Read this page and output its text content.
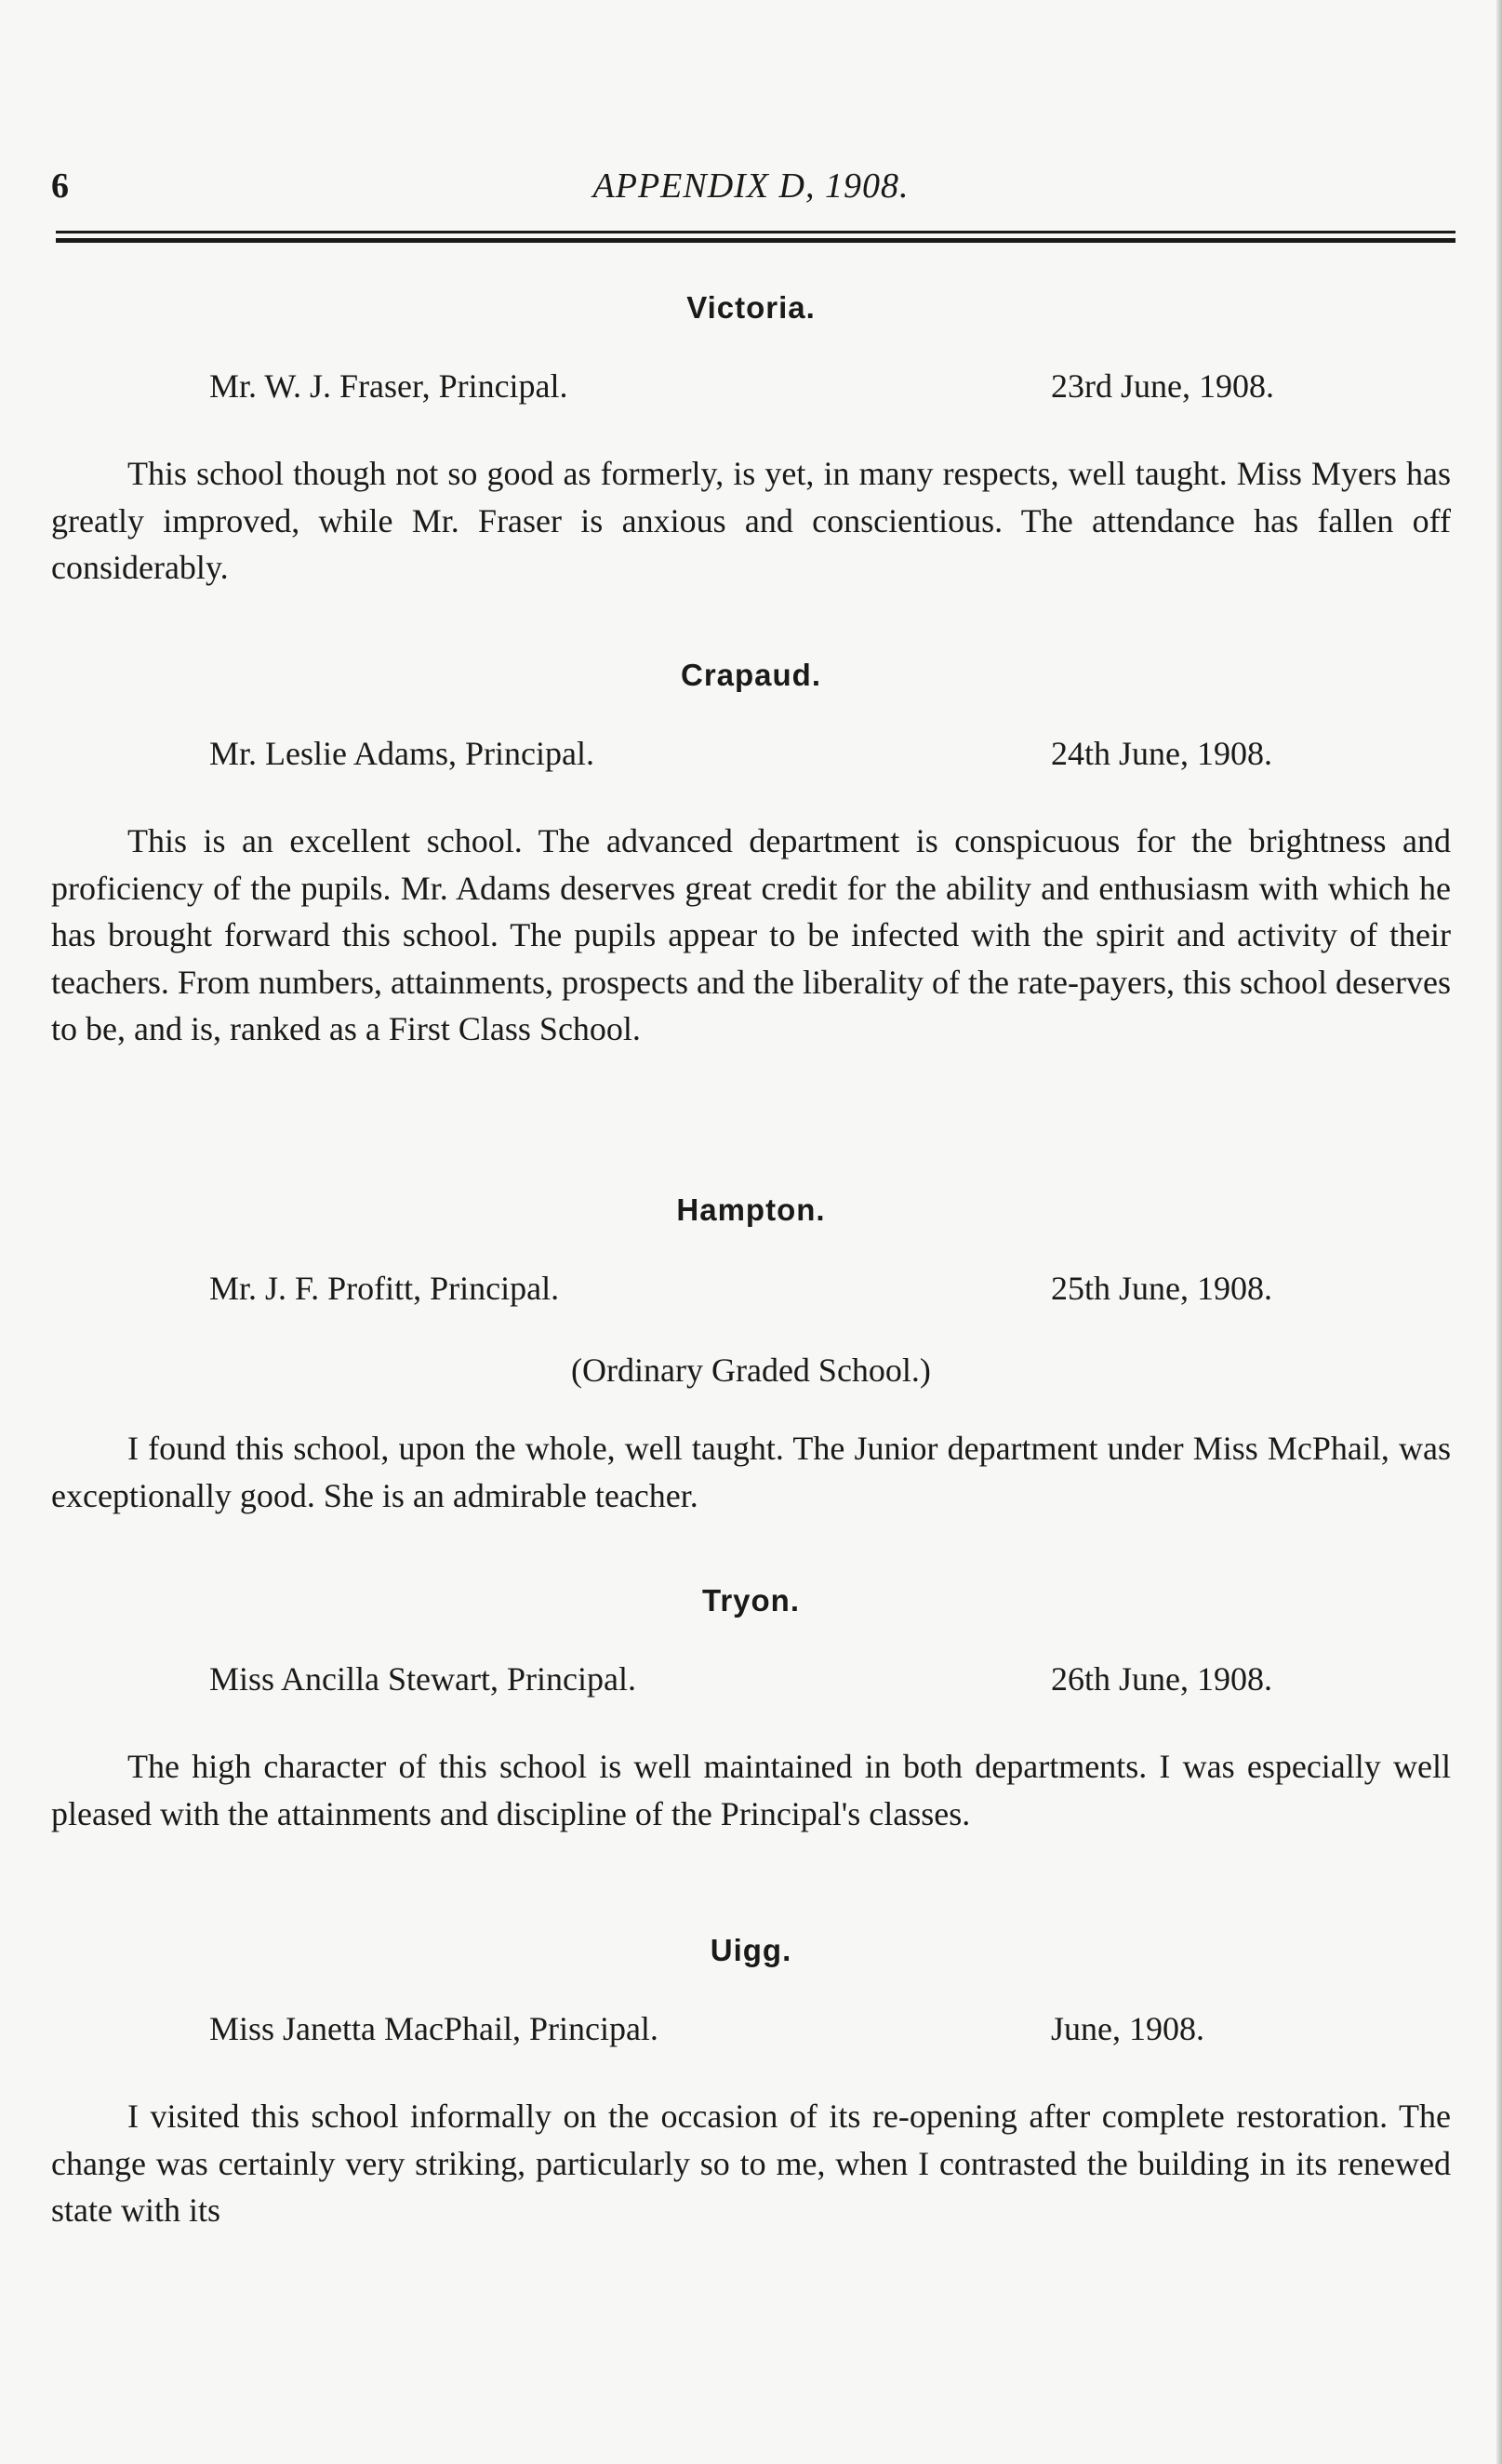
6	APPENDIX D, 1908.
Victoria.
Mr. W. J. Fraser, Principal.	23rd June, 1908.

This school though not so good as formerly, is yet, in many respects, well taught. Miss Myers has greatly improved, while Mr. Fraser is anxious and conscientious. The attendance has fallen off considerably.

Crapaud.
Mr. Leslie Adams, Principal.	24th June, 1908.

This is an excellent school. The advanced department is conspicuous for the brightness and proficiency of the pupils. Mr. Adams deserves great credit for the ability and enthusiasm with which he has brought forward this school. The pupils appear to be infected with the spirit and activity of their teachers. From numbers, attainments, prospects and the liberality of the rate-payers, this school deserves to be, and is, ranked as a First Class School.

Hampton.
Mr. J. F. Profitt, Principal.	25th June, 1908.
(Ordinary Graded School.)

I found this school, upon the whole, well taught. The Junior department under Miss McPhail, was exceptionally good. She is an admirable teacher.

Tryon.
Miss Ancilla Stewart, Principal.	26th June, 1908.

The high character of this school is well maintained in both departments. I was especially well pleased with the attainments and discipline of the Principal's classes.

Uigg.
Miss Janetta MacPhail, Principal.	June, 1908.

I visited this school informally on the occasion of its re-opening after complete restoration. The change was certainly very striking, particularly so to me, when I contrasted the building in its renewed state with its
